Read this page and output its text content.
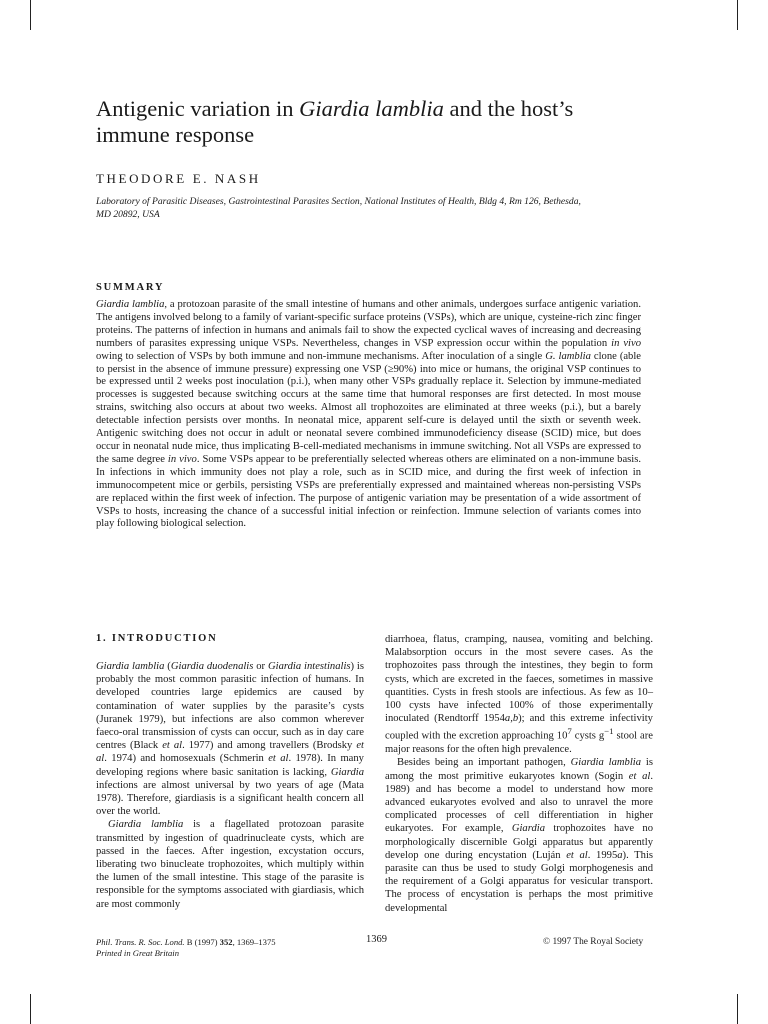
Antigenic variation in Giardia lamblia and the host’s
immune response
THEODORE E. NASH
Laboratory of Parasitic Diseases, Gastrointestinal Parasites Section, National Institutes of Health, Bldg 4, Rm 126, Bethesda,
MD 20892, USA
SUMMARY
Giardia lamblia, a protozoan parasite of the small intestine of humans and other animals, undergoes surface antigenic variation. The antigens involved belong to a family of variant-specific surface proteins (VSPs), which are unique, cysteine-rich zinc finger proteins. The patterns of infection in humans and animals fail to show the expected cyclical waves of increasing and decreasing numbers of parasites expressing unique VSPs. Nevertheless, changes in VSP expression occur within the population in vivo owing to selection of VSPs by both immune and non-immune mechanisms. After inoculation of a single G. lamblia clone (able to persist in the absence of immune pressure) expressing one VSP (≥90%) into mice or humans, the original VSP continues to be expressed until 2 weeks post inoculation (p.i.), when many other VSPs gradually replace it. Selection by immune-mediated processes is suggested because switching occurs at the same time that humoral responses are first detected. In most mouse strains, switching also occurs at about two weeks. Almost all trophozoites are eliminated at three weeks (p.i.), but a barely detectable infection persists over months. In neonatal mice, apparent self-cure is delayed until the sixth or seventh week. Antigenic switching does not occur in adult or neonatal severe combined immunodeficiency disease (SCID) mice, but does occur in neonatal nude mice, thus implicating B-cell-mediated mechanisms in immune switching. Not all VSPs are expressed to the same degree in vivo. Some VSPs appear to be preferentially selected whereas others are eliminated on a non-immune basis. In infections in which immunity does not play a role, such as in SCID mice, and during the first week of infection in immunocompetent mice or gerbils, persisting VSPs are preferentially expressed and maintained whereas non-persisting VSPs are replaced within the first week of infection. The purpose of antigenic variation may be presentation of a wide assortment of VSPs to hosts, increasing the chance of a successful initial infection or reinfection. Immune selection of variants comes into play following biological selection.
1. INTRODUCTION

Giardia lamblia (Giardia duodenalis or Giardia intestinalis) is probably the most common parasitic infection of humans. In developed countries large epidemics are caused by contamination of water supplies by the parasite’s cysts (Juranek 1979), but infections are also common wherever faeco-oral transmission of cysts can occur, such as in day care centres (Black et al. 1977) and among travellers (Brodsky et al. 1974) and homosexuals (Schmerin et al. 1978). In many developing regions where basic sanitation is lacking, Giardia infections are almost universal by two years of age (Mata 1978). Therefore, giardiasis is a significant health concern all over the world.

Giardia lamblia is a flagellated protozoan parasite transmitted by ingestion of quadrinucleate cysts, which are passed in the faeces. After ingestion, excystation occurs, liberating two binucleate trophozoites, which multiply within the lumen of the small intestine. This stage of the parasite is responsible for the symptoms associated with giardiasis, which are most commonly

diarrhoea, flatus, cramping, nausea, vomiting and belching. Malabsorption occurs in the most severe cases. As the trophozoites pass through the intestines, they begin to form cysts, which are excreted in the faeces, sometimes in massive quantities. Cysts in fresh stools are infectious. As few as 10–100 cysts have infected 100% of those experimentally inoculated (Rendtorff 1954a,b); and this extreme infectivity coupled with the excretion approaching $10^7$ cysts $g^{-1}$ stool are major reasons for the often high prevalence.

Besides being an important pathogen, Giardia lamblia is among the most primitive eukaryotes known (Sogin et al. 1989) and has become a model to understand how more advanced eukaryotes evolved and also to unravel the more complicated processes of cell differentiation in higher eukaryotes. For example, Giardia trophozoites have no morphologically discernible Golgi apparatus but apparently develop one during encystation (Luján et al. 1995a). This parasite can thus be used to study Golgi morphogenesis and the requirement of a Golgi apparatus for vesicular transport. The process of encystation is perhaps the most primitive developmental

Phil. Trans. R. Soc. Lond. B (1997) 352, 1369–1375
Printed in Great Britain
1369	© 1997 The Royal Society
